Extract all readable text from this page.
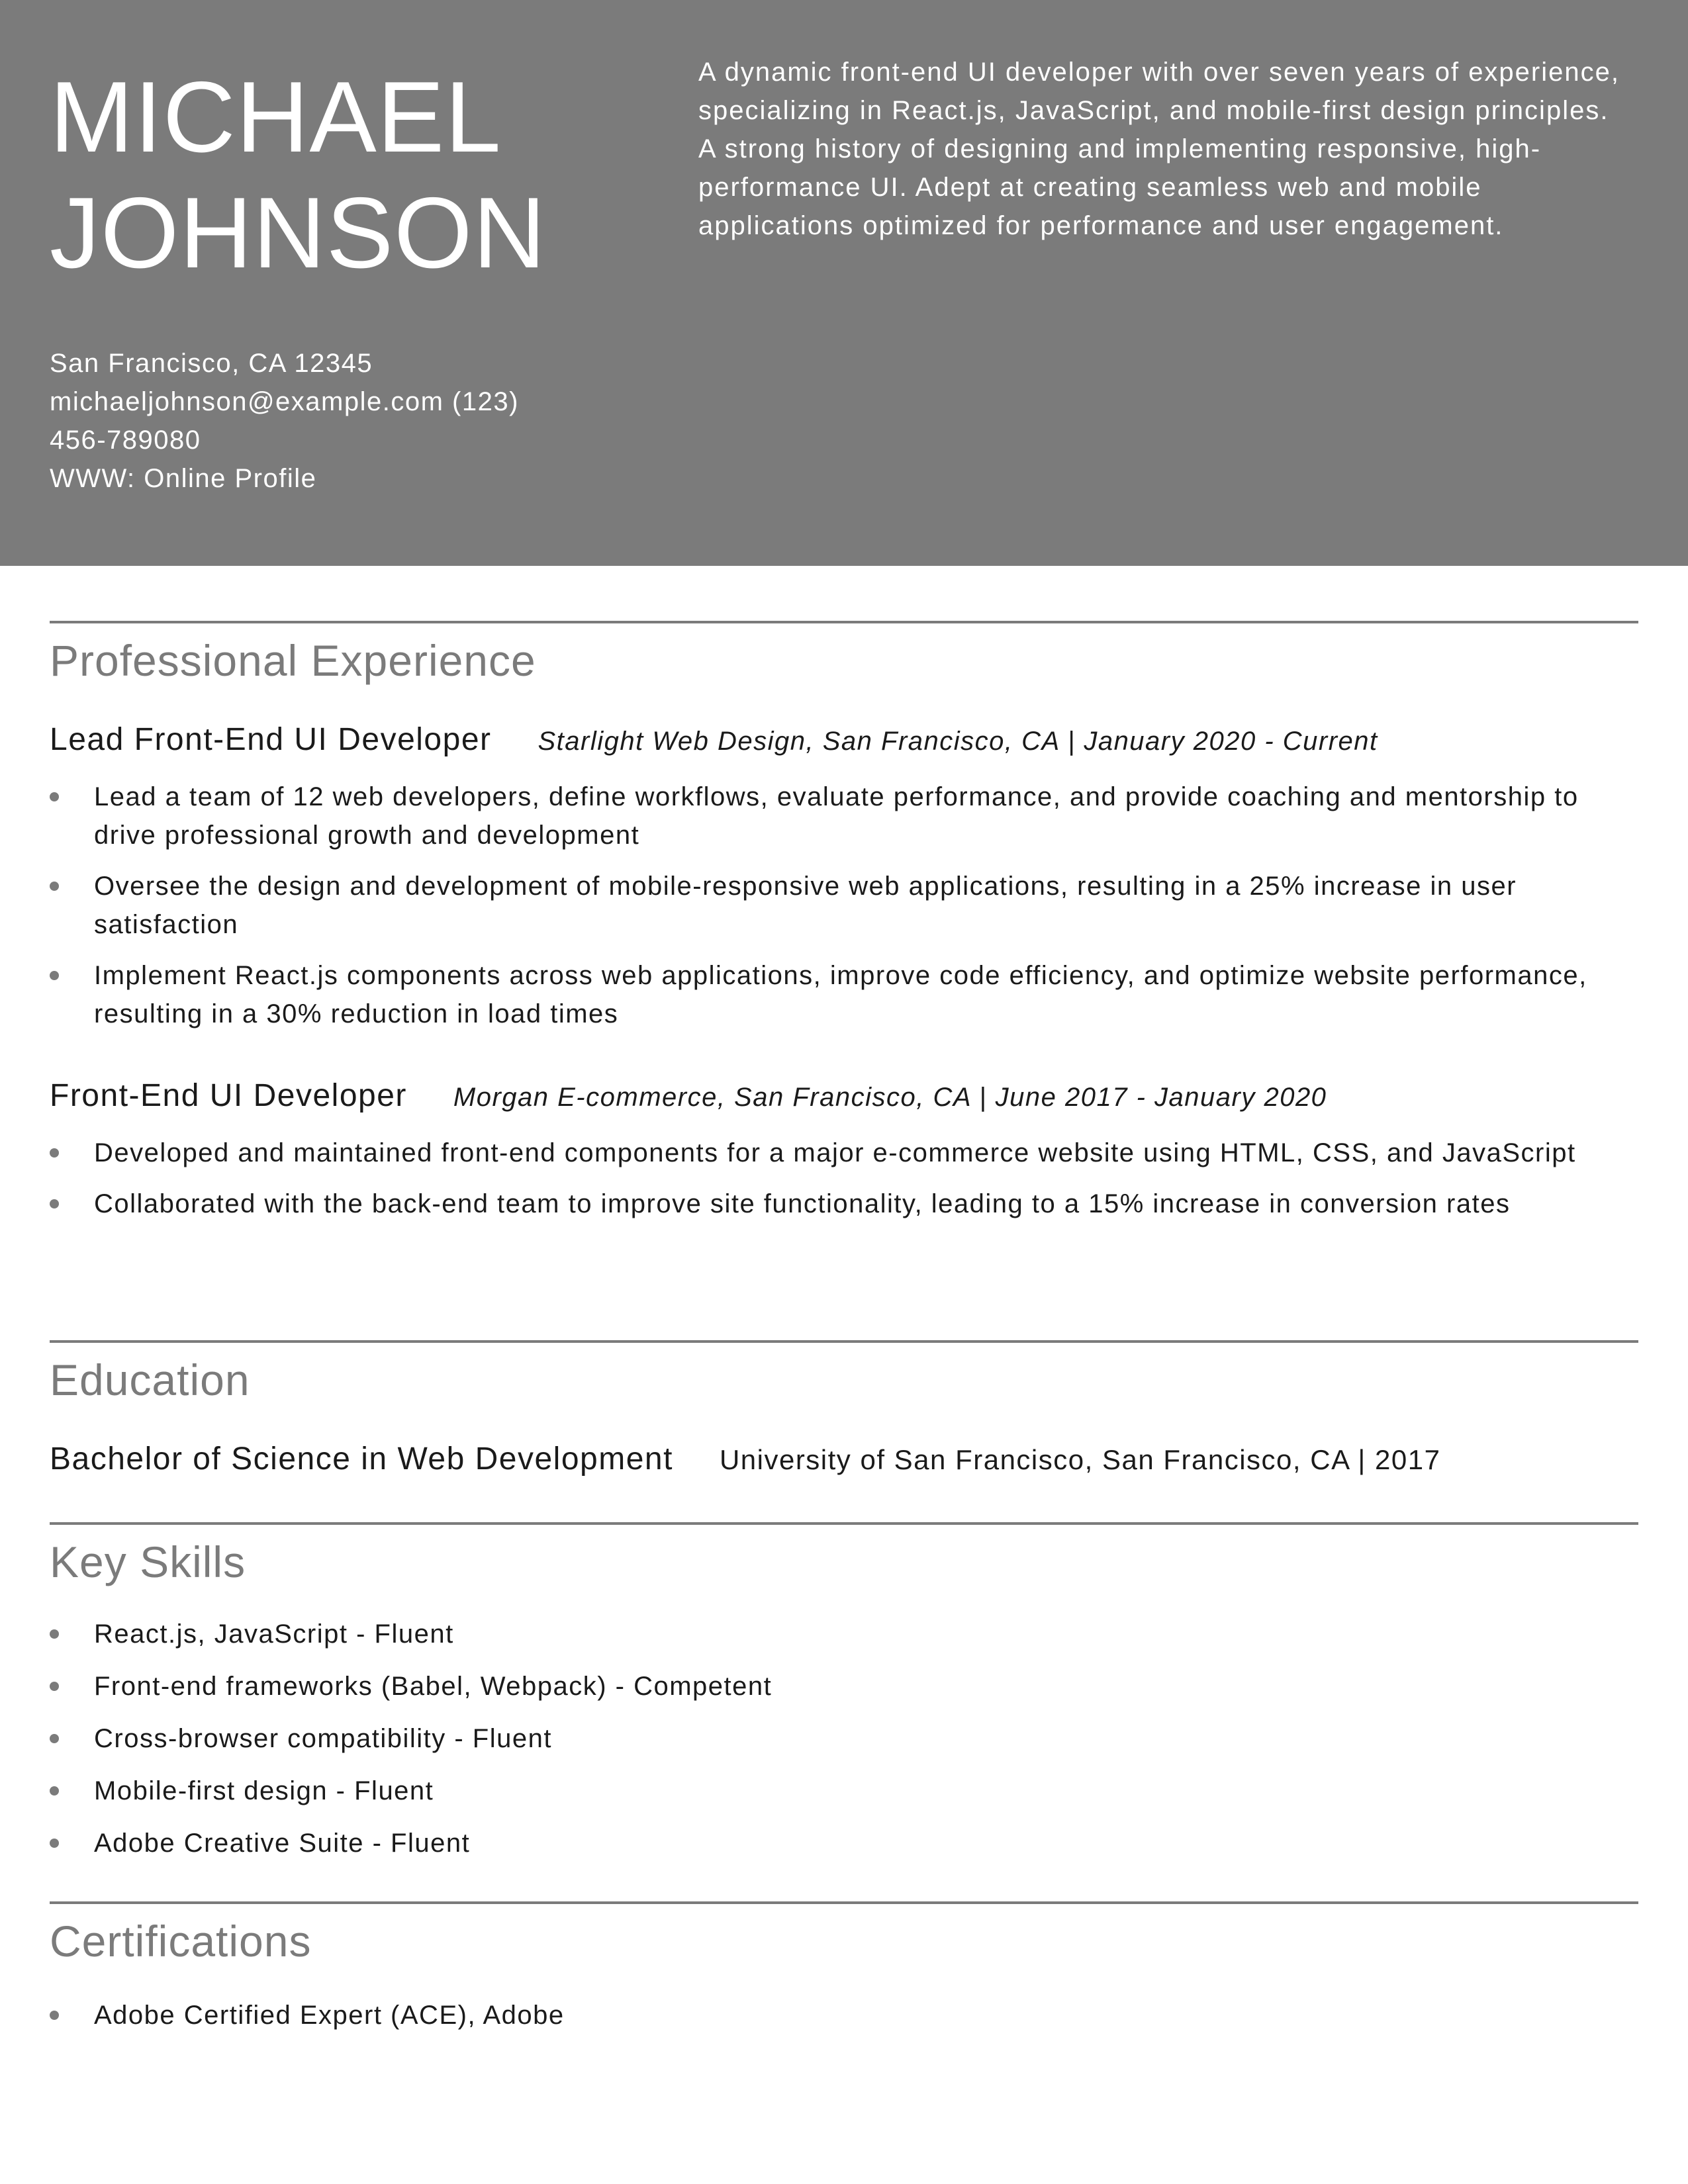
MICHAEL
JOHNSON
San Francisco, CA 12345
michaeljohnson@example.com (123)
456-789080
WWW: Online Profile
A dynamic front-end UI developer with over seven years of experience, specializing in React.js, JavaScript, and mobile-first design principles. A strong history of designing and implementing responsive, high-performance UI. Adept at creating seamless web and mobile applications optimized for performance and user engagement.
Professional Experience
Lead Front-End UI Developer Starlight Web Design, San Francisco, CA | January 2020 - Current
Lead a team of 12 web developers, define workflows, evaluate performance, and provide coaching and mentorship to drive professional growth and development
Oversee the design and development of mobile-responsive web applications, resulting in a 25% increase in user satisfaction
Implement React.js components across web applications, improve code efficiency, and optimize website performance, resulting in a 30% reduction in load times
Front-End UI Developer Morgan E-commerce, San Francisco, CA | June 2017 - January 2020
Developed and maintained front-end components for a major e-commerce website using HTML, CSS, and JavaScript
Collaborated with the back-end team to improve site functionality, leading to a 15% increase in conversion rates
Education
Bachelor of Science in Web Development University of San Francisco, San Francisco, CA | 2017
Key Skills
React.js, JavaScript - Fluent
Front-end frameworks (Babel, Webpack) - Competent
Cross-browser compatibility - Fluent
Mobile-first design - Fluent
Adobe Creative Suite - Fluent
Certifications
Adobe Certified Expert (ACE), Adobe
